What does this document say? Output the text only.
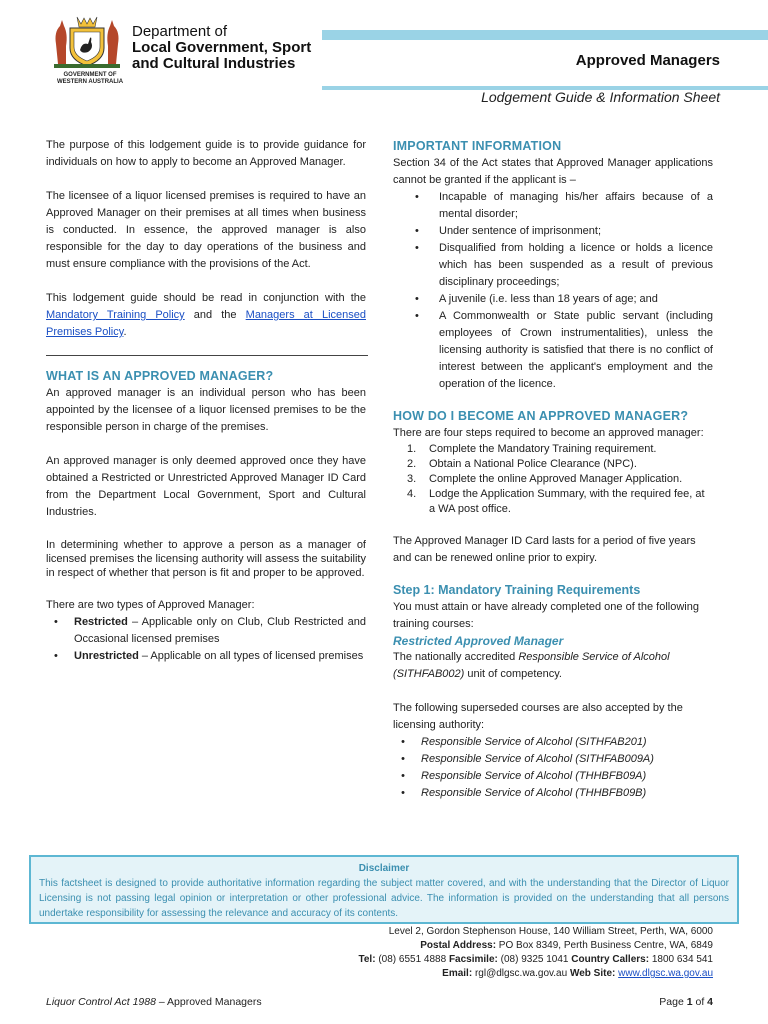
GOVERNMENT OF
WESTERN AUSTRALIA
Department of
Local Government, Sport
and Cultural Industries	Approved Managers
Lodgement Guide & Information Sheet

The purpose of this lodgement guide is to provide guidance for individuals on how to apply to become an Approved Manager.

The licensee of a liquor licensed premises is required to have an Approved Manager on their premises at all times when business is conducted. In essence, the approved manager is also responsible for the day to day operations of the business and must ensure compliance with the provisions of the Act.

This lodgement guide should be read in conjunction with the Mandatory Training Policy and the Managers at Licensed Premises Policy.

WHAT IS AN APPROVED MANAGER?

An approved manager is an individual person who has been appointed by the licensee of a liquor licensed premises to be the responsible person in charge of the premises.

An approved manager is only deemed approved once they have obtained a Restricted or Unrestricted Approved Manager ID Card from the Department Local Government, Sport and Cultural Industries.

In determining whether to approve a person as a manager of licensed premises the licensing authority will assess the suitability in respect of whether that person is fit and proper to be approved.

There are two types of Approved Manager:

• Restricted – Applicable only on Club, Club Restricted and Occasional licensed premises
• Unrestricted – Applicable on all types of licensed premises
IMPORTANT INFORMATION

Section 34 of the Act states that Approved Manager applications cannot be granted if the applicant is –

• Incapable of managing his/her affairs because of a mental disorder;
• Under sentence of imprisonment;
• Disqualified from holding a licence or holds a licence which has been suspended as a result of previous disciplinary proceedings;
• A juvenile (i.e. less than 18 years of age; and
• A Commonwealth or State public servant (including employees of Crown instrumentalities), unless the licensing authority is satisfied that there is no conflict of interest between the applicant's employment and the operation of the licence.
HOW DO I BECOME AN APPROVED MANAGER?

There are four steps required to become an approved manager:

1. Complete the Mandatory Training requirement.
2. Obtain a National Police Clearance (NPC).
3. Complete the online Approved Manager Application.
4. Lodge the Application Summary, with the required fee, at a WA post office.

The Approved Manager ID Card lasts for a period of five years and can be renewed online prior to expiry.

Step 1: Mandatory Training Requirements

You must attain or have already completed one of the following training courses:

Restricted Approved Manager

The nationally accredited Responsible Service of Alcohol (SITHFAB002) unit of competency.

The following superseded courses are also accepted by the licensing authority:

• Responsible Service of Alcohol (SITHFAB201)
• Responsible Service of Alcohol (SITHFAB009A)
• Responsible Service of Alcohol (THHBFB09A)
• Responsible Service of Alcohol (THHBFB09B)
Disclaimer
This factsheet is designed to provide authoritative information regarding the subject matter covered, and with the understanding that the Director of Liquor Licensing is not passing legal opinion or interpretation or other professional advice. The information is provided on the understanding that all persons undertake responsibility for assessing the relevance and accuracy of its contents.
Level 2, Gordon Stephenson House, 140 William Street, Perth, WA, 6000
Postal Address: PO Box 8349, Perth Business Centre, WA, 6849
Tel: (08) 6551 4888 Facsimile: (08) 9325 1041 Country Callers: 1800 634 541
Email: rgl@dlgsc.wa.gov.au Web Site: www.dlgsc.wa.gov.au
Liquor Control Act 1988 – Approved Managers	Page 1 of 4
